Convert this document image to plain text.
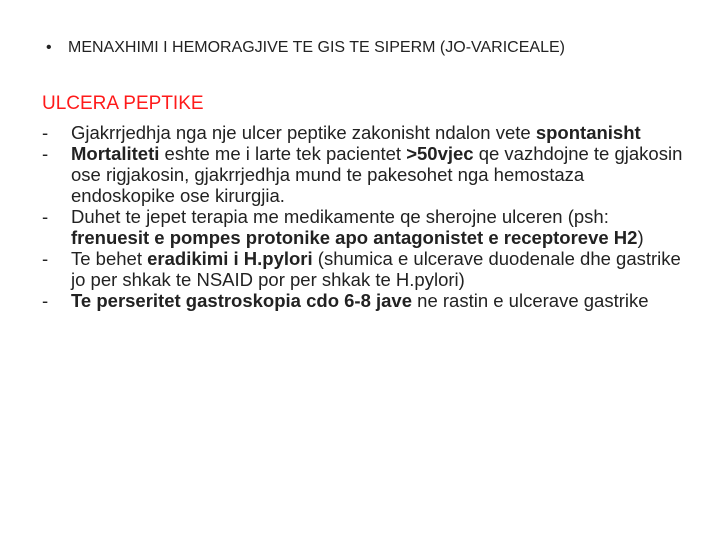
• MENAXHIMI I HEMORAGJIVE TE GIS TE SIPERM (JO-VARICEALE)
ULCERA PEPTIKE
- Gjakrrjedhja nga nje ulcer peptike zakonisht ndalon vete spontanisht
- Mortaliteti eshte me i larte tek pacientet >50vjec qe vazhdojne te gjakosin ose rigjakosin, gjakrrjedhja mund te pakesohet nga hemostaza endoskopike ose kirurgjia.
- Duhet te jepet terapia me medikamente qe sherojne ulceren (psh: frenuesit e pompes protonike apo antagonistet e receptoreve H2)
- Te behet eradikimi i H.pylori (shumica e ulcerave duodenale dhe gastrike jo per shkak te NSAID por per shkak te H.pylori)
- Te perseritet gastroskopia cdo 6-8 jave ne rastin e ulcerave gastrike
